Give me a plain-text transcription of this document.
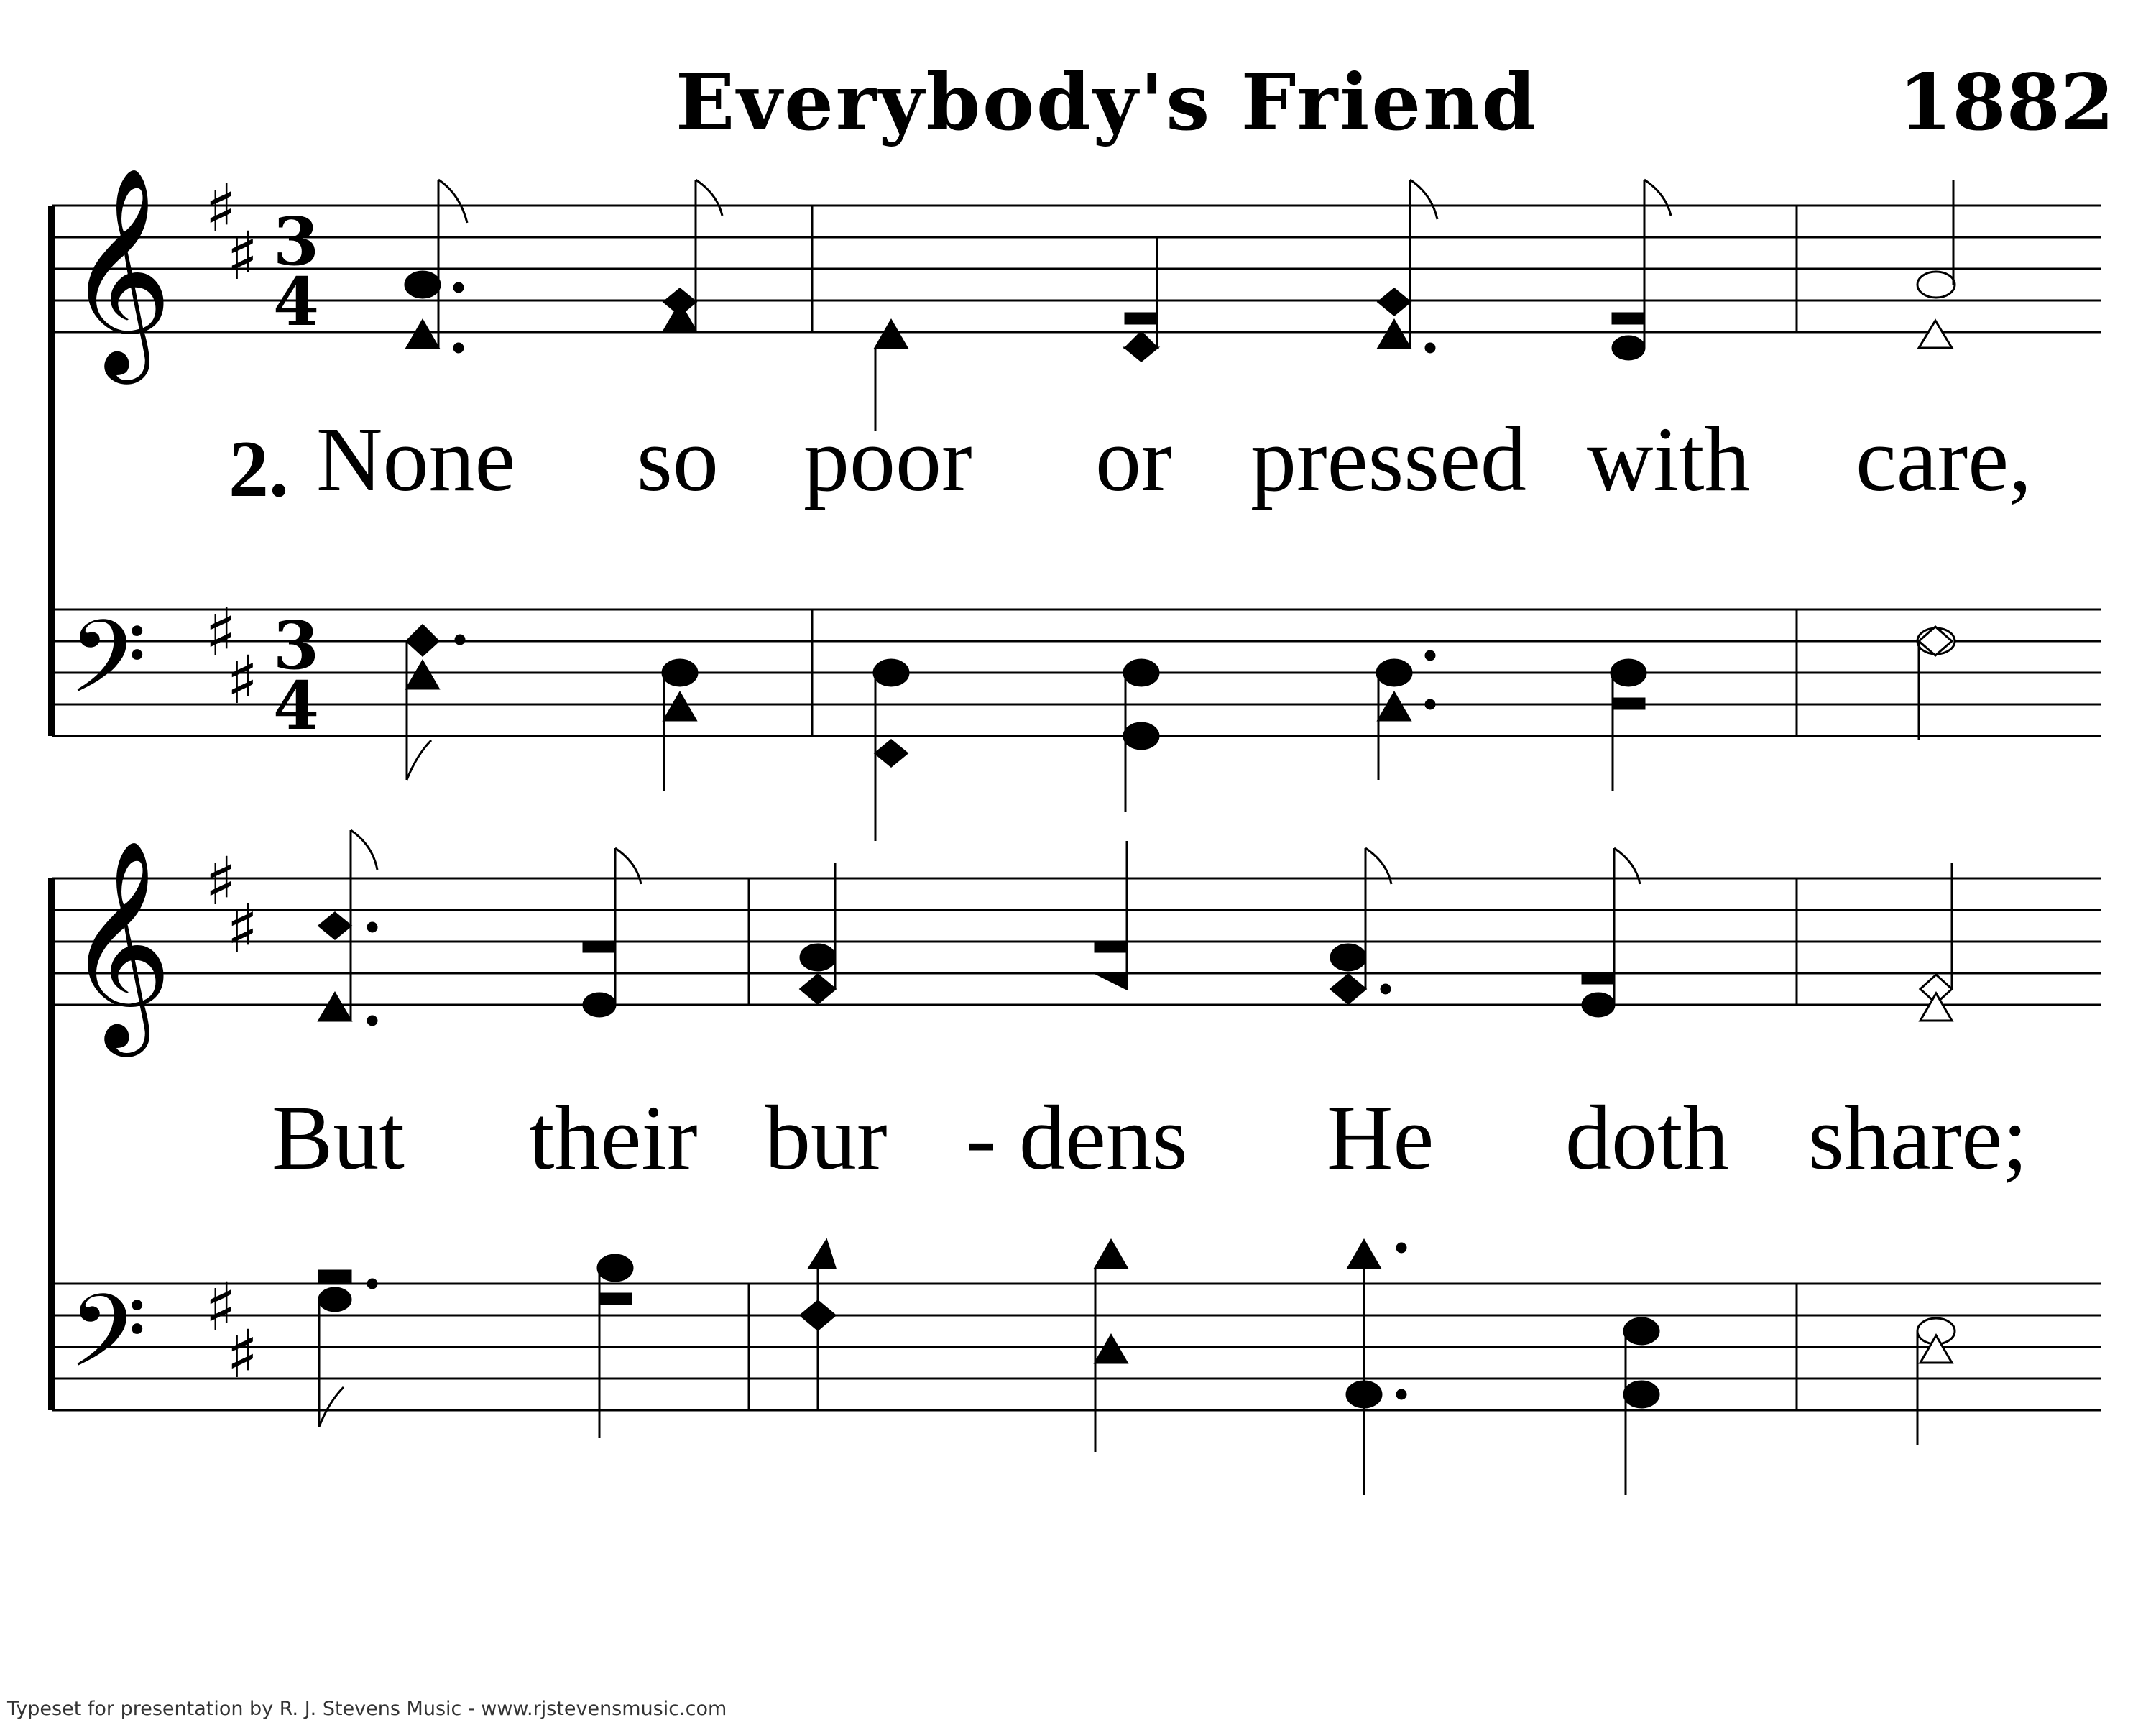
Everybody's Friend	1882
𝄞
𝄢
♯
♯
♯
♯
3
4
3
4
𝄞
𝄢
♯
♯
♯
♯
2. None so poor or pressed with care,
But their bur - dens He doth share;
Typeset for presentation by R. J. Stevens Music - www.rjstevensmusic.com
